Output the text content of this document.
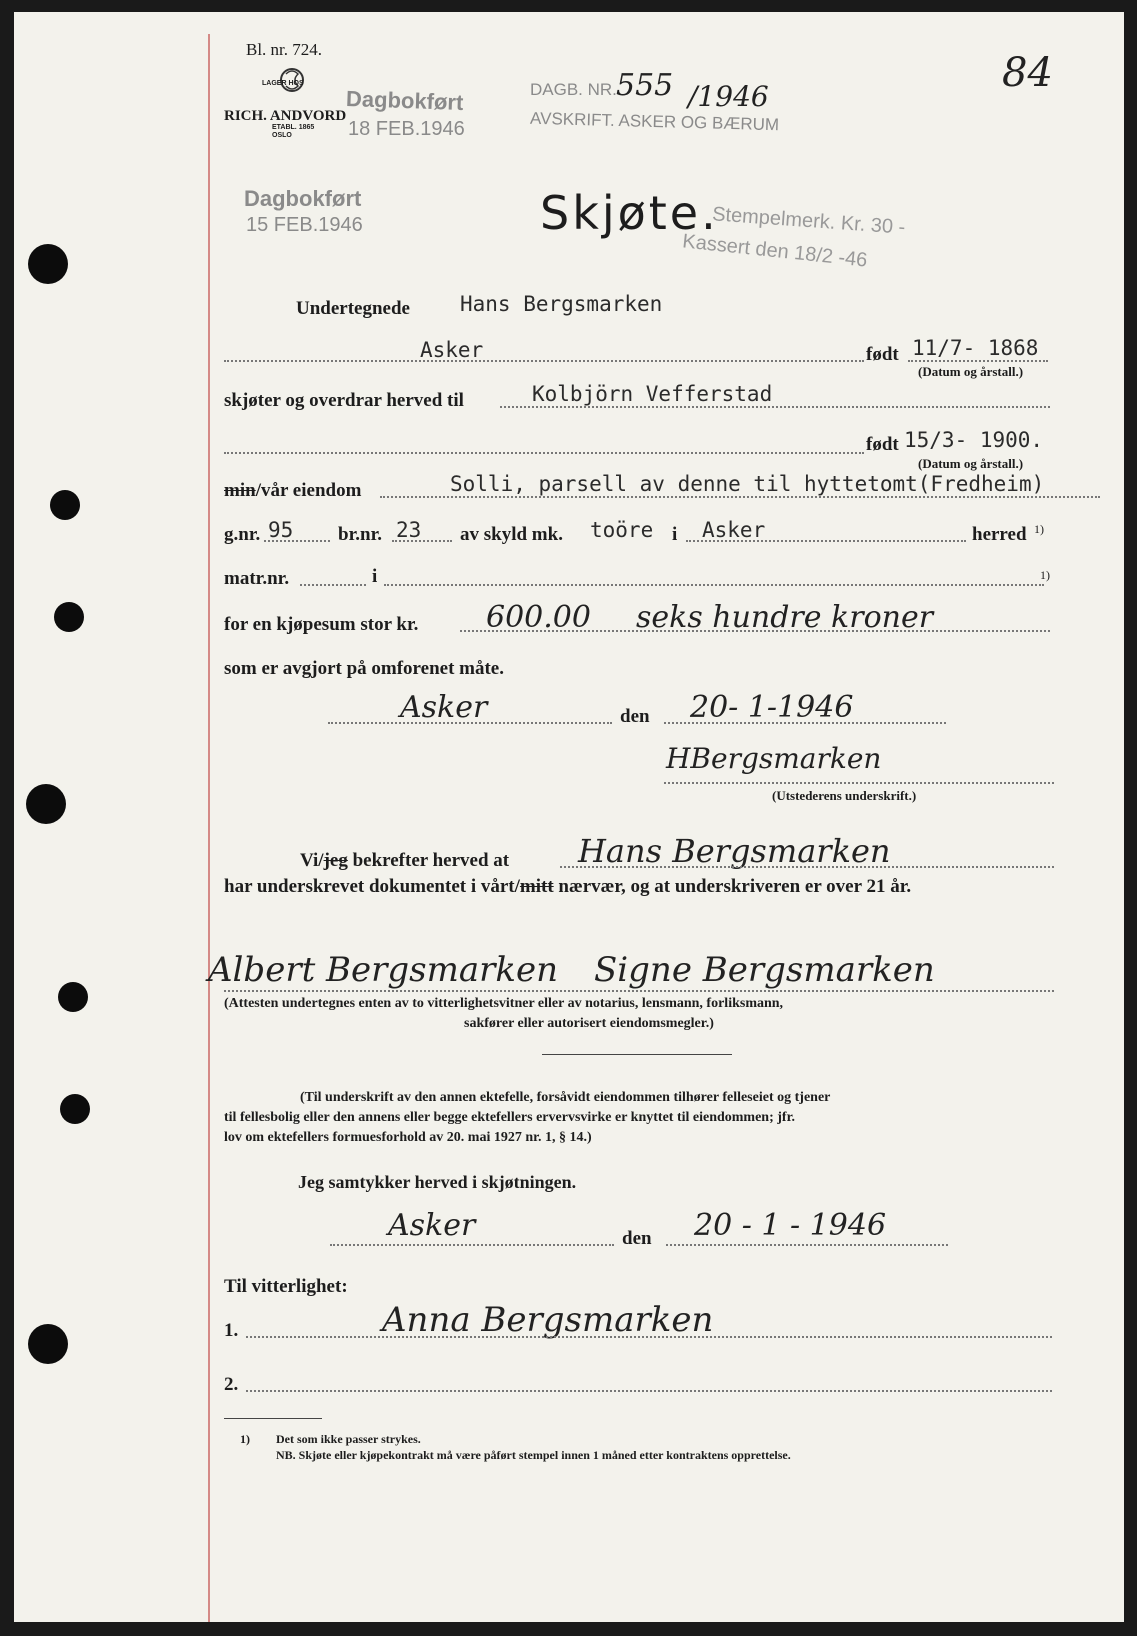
Bl. nr. 724.
LAGER HOS
RICH. ANDVORD
ETABL. 1865
OSLO
Dagbokført
18 FEB.1946
Dagbokført
15 FEB.1946
DAGB. NR. 555 /1946
AVSKRIFT. ASKER OG BÆRUM
84
Skjøte.
Stempelmerk. Kr. 30 -
Kassert den 18/2 -46
Undertegnede Hans Bergsmarken
Asker	født 11/7- 1868
(Datum og årstall.)
skjøter og overdrar herved til	Kolbjörn Vefferstad
født 15/3- 1900.
(Datum og årstall.)
min/vår eiendom	Solli, parsell av denne til hyttetomt(Fredheim)
g.nr. 95 br.nr. 23 av skyld mk. toöre i Asker	herred 1)
matr.nr.	i	1)
for en kjøpesum stor kr. 600.00 seks hundre kroner
som er avgjort på omforenet måte.
Asker	den 20- 1-1946
HBergsmarken
(Utstederens underskrift.)
Vi/jeg bekrefter herved at Hans Bergsmarken
har underskrevet dokumentet i vårt/mitt nærvær, og at underskriveren er over 21 år.
Albert Bergsmarken Signe Bergsmarken
(Attesten undertegnes enten av to vitterlighetsvitner eller av notarius, lensmann, forliksmann,
sakfører eller autorisert eiendomsmegler.)
(Til underskrift av den annen ektefelle, forsåvidt eiendommen tilhører felleseiet og tjener
til fellesbolig eller den annens eller begge ektefellers ervervsvirke er knyttet til eiendommen; jfr.
lov om ektefellers formuesforhold av 20. mai 1927 nr. 1, § 14.)
Jeg samtykker herved i skjøtningen.
Asker	den 20 - 1 - 1946
Til vitterlighet:
1.	Anna Bergsmarken
2.
1) Det som ikke passer strykes.
NB. Skjøte eller kjøpekontrakt må være påført stempel innen 1 måned etter kontraktens opprettelse.
